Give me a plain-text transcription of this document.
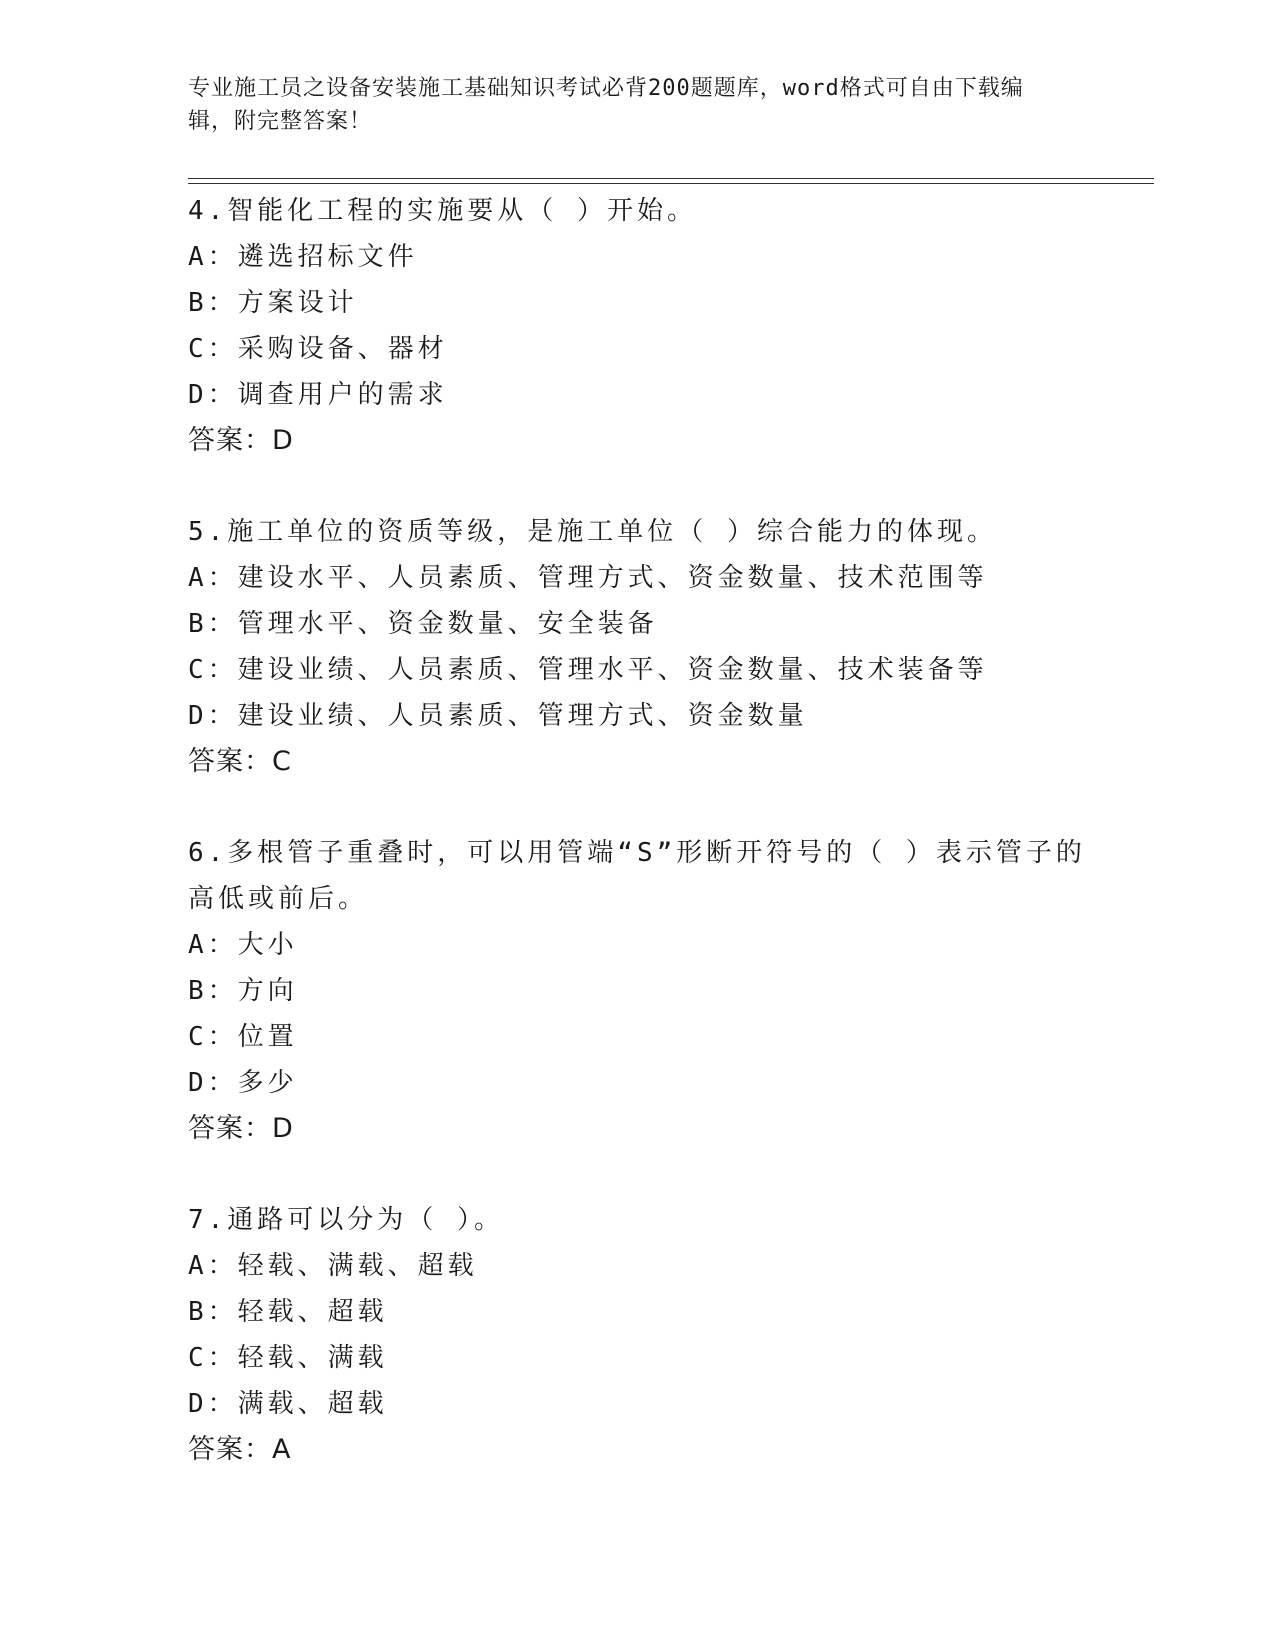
专业施工员之设备安装施工基础知识考试必背200题题库，word格式可自由下载编辑，附完整答案！
4.智能化工程的实施要从（ ）开始。
A：遴选招标文件
B：方案设计
C：采购设备、器材
D：调查用户的需求
答案：D
5.施工单位的资质等级，是施工单位（ ）综合能力的体现。
A：建设水平、人员素质、管理方式、资金数量、技术范围等
B：管理水平、资金数量、安全装备
C：建设业绩、人员素质、管理水平、资金数量、技术装备等
D：建设业绩、人员素质、管理方式、资金数量
答案：C
6.多根管子重叠时，可以用管端“S”形断开符号的（ ）表示管子的高低或前后。
A：大小
B：方向
C：位置
D：多少
答案：D
7.通路可以分为（ ）。
A：轻载、满载、超载
B：轻载、超载
C：轻载、满载
D：满载、超载
答案：A
